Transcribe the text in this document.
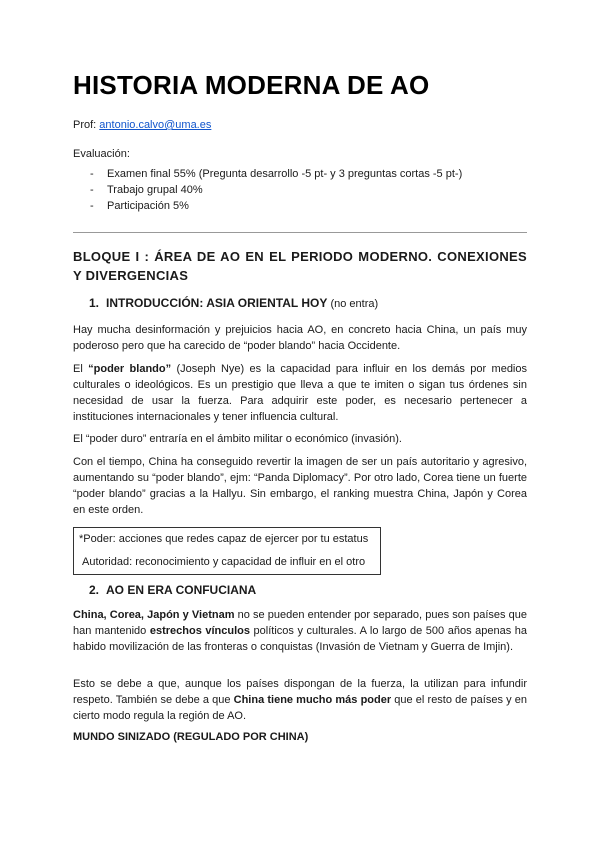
HISTORIA MODERNA DE AO
Prof: antonio.calvo@uma.es
Evaluación:
- Examen final 55% (Pregunta desarrollo -5 pt- y 3 preguntas cortas -5 pt-)
- Trabajo grupal 40%
- Participación 5%

BLOQUE I : ÁREA DE AO EN EL PERIODO MODERNO. CONEXIONES Y DIVERGENCIAS

1. INTRODUCCIÓN: ASIA ORIENTAL HOY (no entra)

Hay mucha desinformación y prejuicios hacia AO, en concreto hacia China, un país muy poderoso pero que ha carecido de “poder blando” hacia Occidente.

El “poder blando” (Joseph Nye) es la capacidad para influir en los demás por medios culturales o ideológicos. Es un prestigio que lleva a que te imiten o sigan tus órdenes sin necesidad de usar la fuerza. Para adquirir este poder, es necesario pertenecer a instituciones internacionales y tener influencia cultural.

El “poder duro” entraría en el ámbito militar o económico (invasión).

Con el tiempo, China ha conseguido revertir la imagen de ser un país autoritario y agresivo, aumentando su “poder blando”, ejm: “Panda Diplomacy”. Por otro lado, Corea tiene un fuerte “poder blando” gracias a la Hallyu. Sin embargo, el ranking muestra China, Japón y Corea en este orden.

*Poder: acciones que redes capaz de ejercer por tu estatus
Autoridad: reconocimiento y capacidad de influir en el otro
2. AO EN ERA CONFUCIANA

China, Corea, Japón y Vietnam no se pueden entender por separado, pues son países que han mantenido estrechos vínculos políticos y culturales. A lo largo de 500 años apenas ha habido movilización de las fronteras o conquistas (Invasión de Vietnam y Guerra de Imjin).

Esto se debe a que, aunque los países dispongan de la fuerza, la utilizan para infundir respeto. También se debe a que China tiene mucho más poder que el resto de países y en cierto modo regula la región de AO.

MUNDO SINIZADO (REGULADO POR CHINA)
